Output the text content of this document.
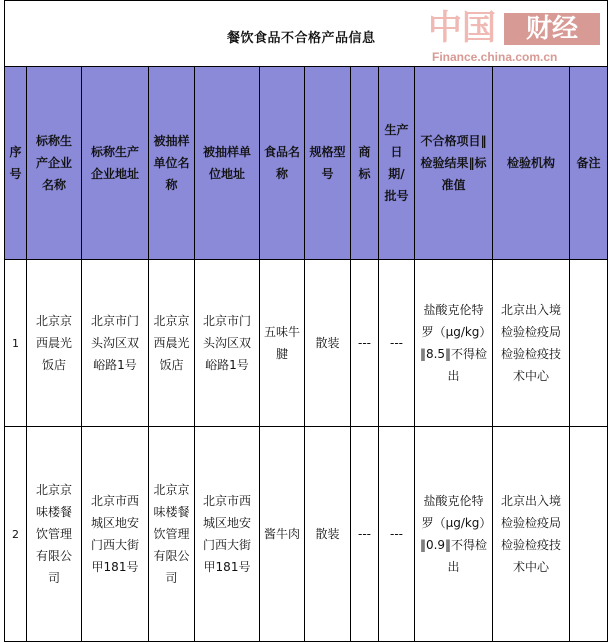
餐饮食品不合格产品信息 中国	财经
Finance.china.com.cn
序号	标称生产企业名称	标称生产企业地址	被抽样单位名称	被抽样单位地址	食品名称	规格型号	商标	生产日期/批号	不合格项目‖检验结果‖标准值	检验机构	备注
1	北京京西晨光饭店	北京市门头沟区双峪路1号	北京京西晨光饭店	北京市门头沟区双峪路1号	五味牛腱	散装	---	---	盐酸克伦特罗（μg/kg）‖8.5‖不得检出	北京出入境检验检疫局检验检疫技术中心	
2	北京京味楼餐饮管理有限公司	北京市西城区地安门西大街甲181号	北京京味楼餐饮管理有限公司	北京市西城区地安门西大街甲181号	酱牛肉	散装	---	---	盐酸克伦特罗（μg/kg）‖0.9‖不得检出	北京出入境检验检疫局检验检疫技术中心	
